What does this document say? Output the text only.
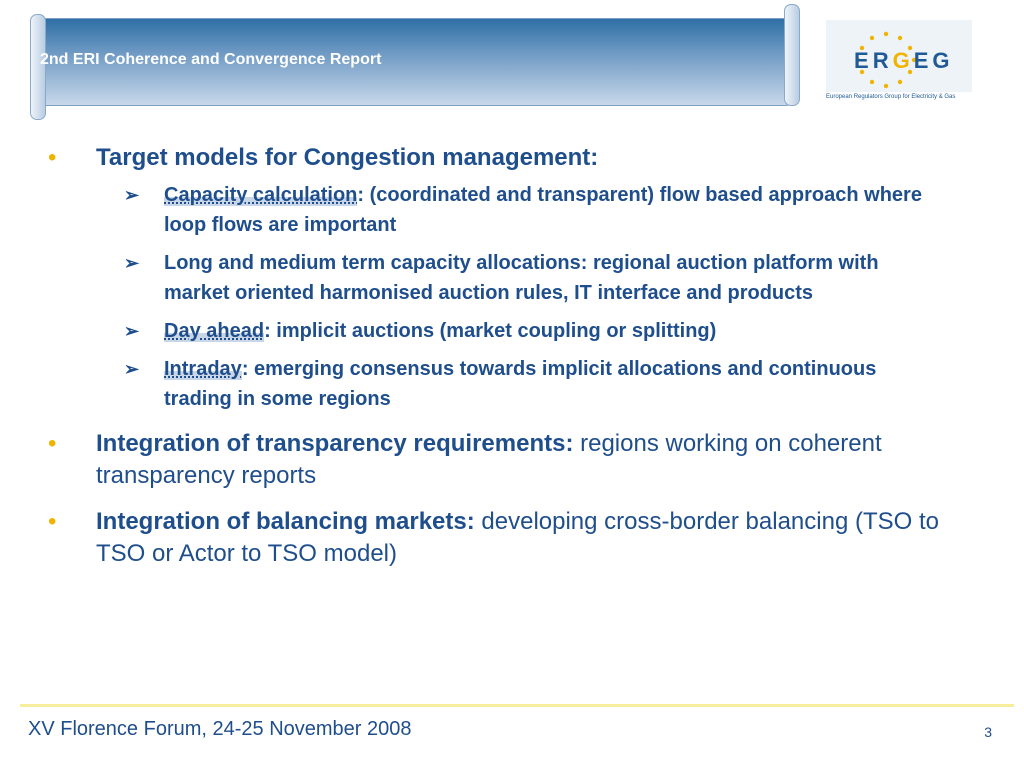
2nd ERI Coherence and Convergence Report	ERGEG
European Regulators Group for Electricity & Gas
• Target models for Congestion management:
➢ Capacity calculation: (coordinated and transparent) flow based approach where loop flows are important
➢ Long and medium term capacity allocations: regional auction platform with market oriented harmonised auction rules, IT interface and products
➢ Day ahead: implicit auctions (market coupling or splitting)
➢ Intraday: emerging consensus towards implicit allocations and continuous trading in some regions
• Integration of transparency requirements: regions working on coherent transparency reports
• Integration of balancing markets: developing cross-border balancing (TSO to TSO or Actor to TSO model)
XV Florence Forum, 24-25 November 2008	3
